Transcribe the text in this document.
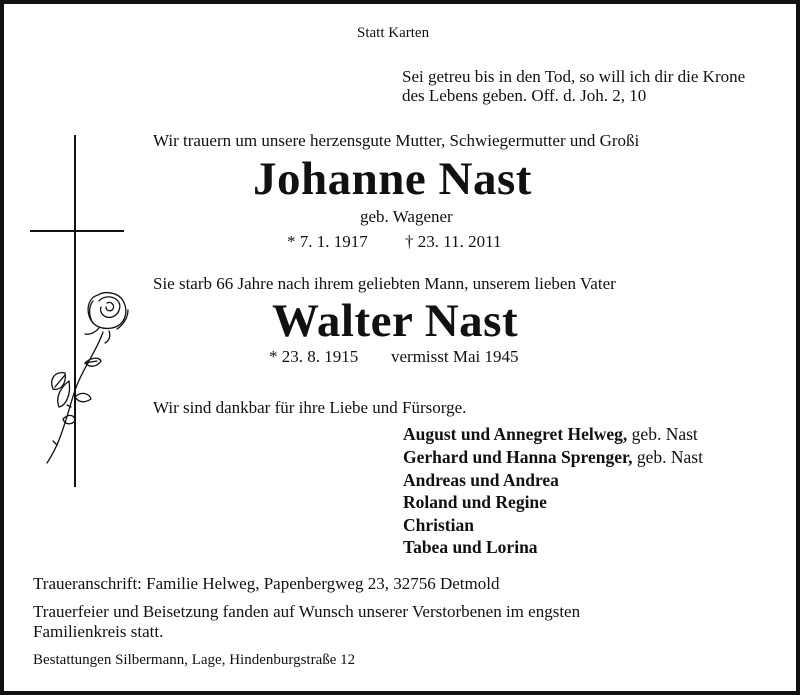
Statt Karten
Sei getreu bis in den Tod, so will ich dir die Krone
des Lebens geben. Off. d. Joh. 2, 10
Wir trauern um unsere herzensgute Mutter, Schwiegermutter und Großi
Johanne Nast
geb. Wagener
* 7. 1. 1917 † 23. 11. 2011
Sie starb 66 Jahre nach ihrem geliebten Mann, unserem lieben Vater
Walter Nast
* 23. 8. 1915 vermisst Mai 1945
Wir sind dankbar für ihre Liebe und Fürsorge.
August und Annegret Helweg, geb. Nast
Gerhard und Hanna Sprenger, geb. Nast
Andreas und Andrea
Roland und Regine
Christian
Tabea und Lorina
Traueranschrift: Familie Helweg, Papenbergweg 23, 32756 Detmold
Trauerfeier und Beisetzung fanden auf Wunsch unserer Verstorbenen im engsten
Familienkreis statt.
Bestattungen Silbermann, Lage, Hindenburgstraße 12
